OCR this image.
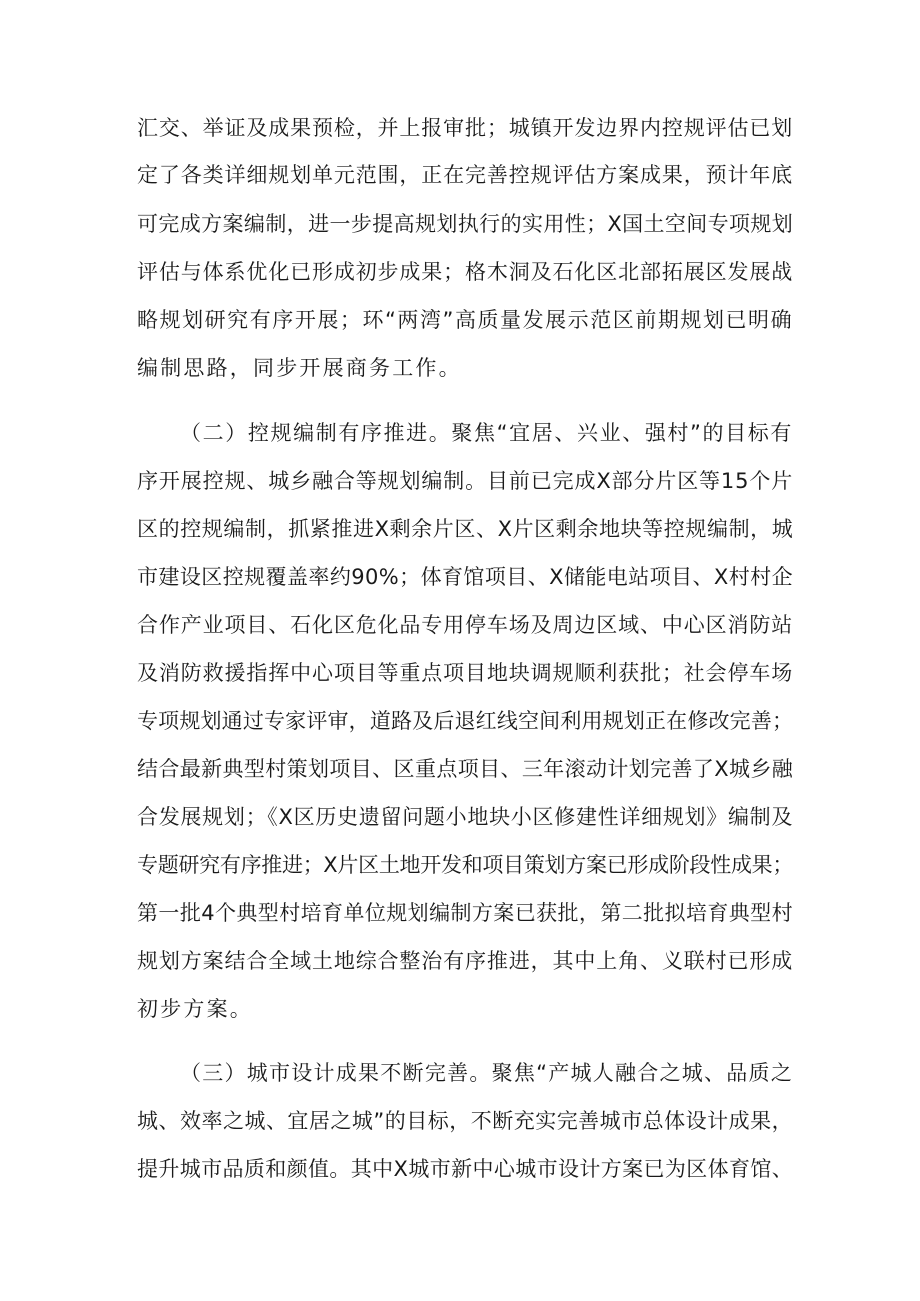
汇交、举证及成果预检，并上报审批；城镇开发边界内控规评估已划
定了各类详细规划单元范围，正在完善控规评估方案成果，预计年底
可完成方案编制，进一步提高规划执行的实用性；X国土空间专项规划
评估与体系优化已形成初步成果；格木洞及石化区北部拓展区发展战
略规划研究有序开展；环“两湾”高质量发展示范区前期规划已明确
编制思路，同步开展商务工作。
（二）控规编制有序推进。聚焦“宜居、兴业、强村”的目标有
序开展控规、城乡融合等规划编制。目前已完成X部分片区等15个片
区的控规编制，抓紧推进X剩余片区、X片区剩余地块等控规编制，城
市建设区控规覆盖率约90%；体育馆项目、X储能电站项目、X村村企
合作产业项目、石化区危化品专用停车场及周边区域、中心区消防站
及消防救援指挥中心项目等重点项目地块调规顺利获批；社会停车场
专项规划通过专家评审，道路及后退红线空间利用规划正在修改完善；
结合最新典型村策划项目、区重点项目、三年滚动计划完善了X城乡融
合发展规划；《X区历史遗留问题小地块小区修建性详细规划》编制及
专题研究有序推进；X片区土地开发和项目策划方案已形成阶段性成果；
第一批4个典型村培育单位规划编制方案已获批，第二批拟培育典型村
规划方案结合全域土地综合整治有序推进，其中上角、义联村已形成
初步方案。
（三）城市设计成果不断完善。聚焦“产城人融合之城、品质之
城、效率之城、宜居之城”的目标，不断充实完善城市总体设计成果，
提升城市品质和颜值。其中X城市新中心城市设计方案已为区体育馆、
